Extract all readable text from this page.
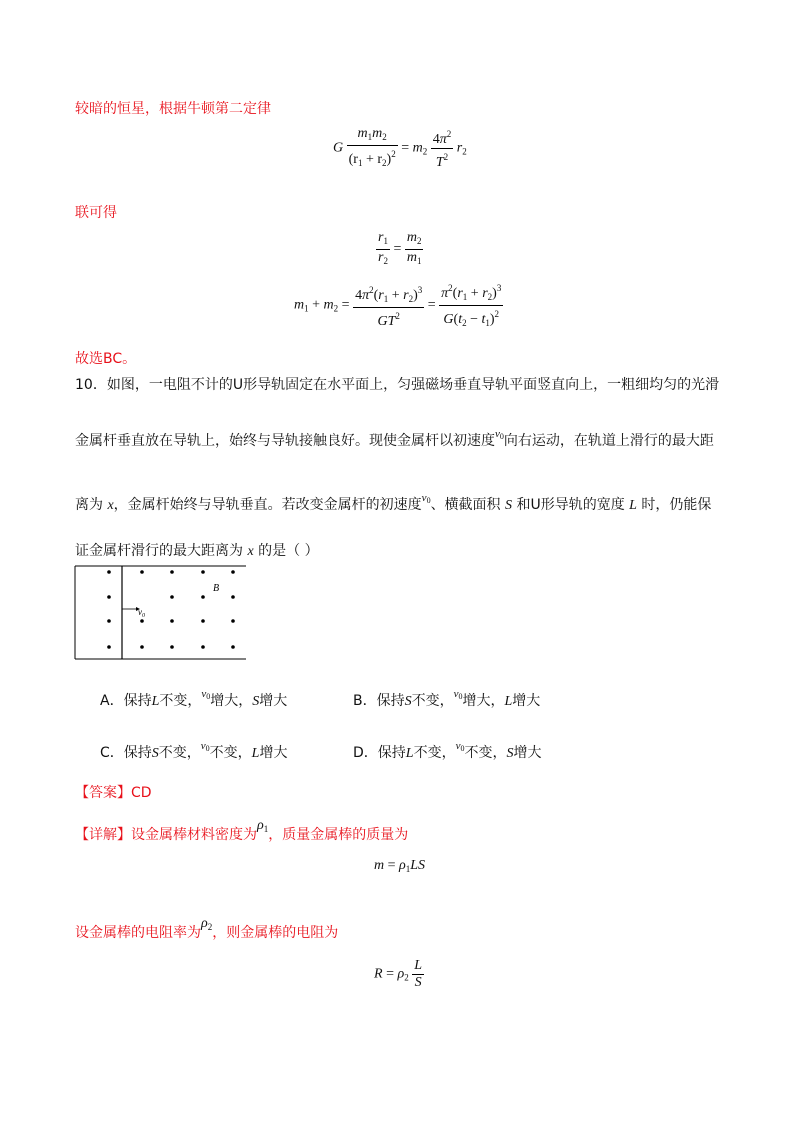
较暗的恒星，根据牛顿第二定律
G $\frac{m_1m_2}{(r_1 + r_2)^2} = m_2 \frac{4\pi^2}{T^2} r_2$
联可得
$\frac{r_1}{r_2} = \frac{m_2}{m_1}$
$m_1 + m_2 = \frac{4\pi^2(r_1 + r_2)^3}{GT^2} = \frac{\pi^2(r_1 + r_2)^3}{G(t_2 - t_1)^2}$
故选BC。
10．如图，一电阻不计的U形导轨固定在水平面上，匀强磁场垂直导轨平面竖直向上，一粗细均匀的光滑
金属杆垂直放在导轨上，始终与导轨接触良好。现使金属杆以初速度$^{v_0}$向右运动，在轨道上滑行的最大距
离为 x，金属杆始终与导轨垂直。若改变金属杆的初速度$^{v_0}$、横截面积 S 和U形导轨的宽度 L 时，仍能保
证金属杆滑行的最大距离为 x 的是（ ）
$v_0$
B
A．保持L不变，$^{v_0}$增大，S增大	B．保持S不变，$^{v_0}$增大，L增大
C．保持S不变，$^{v_0}$不变，L增大	D．保持L不变，$^{v_0}$不变，S增大
【答案】CD
【详解】设金属棒材料密度为$\rho_1$，质量金属棒的质量为
$m = \rho_1LS$
设金属棒的电阻率为$\rho_2$，则金属棒的电阻为
$R = \rho_2 \frac{L}{S}$
